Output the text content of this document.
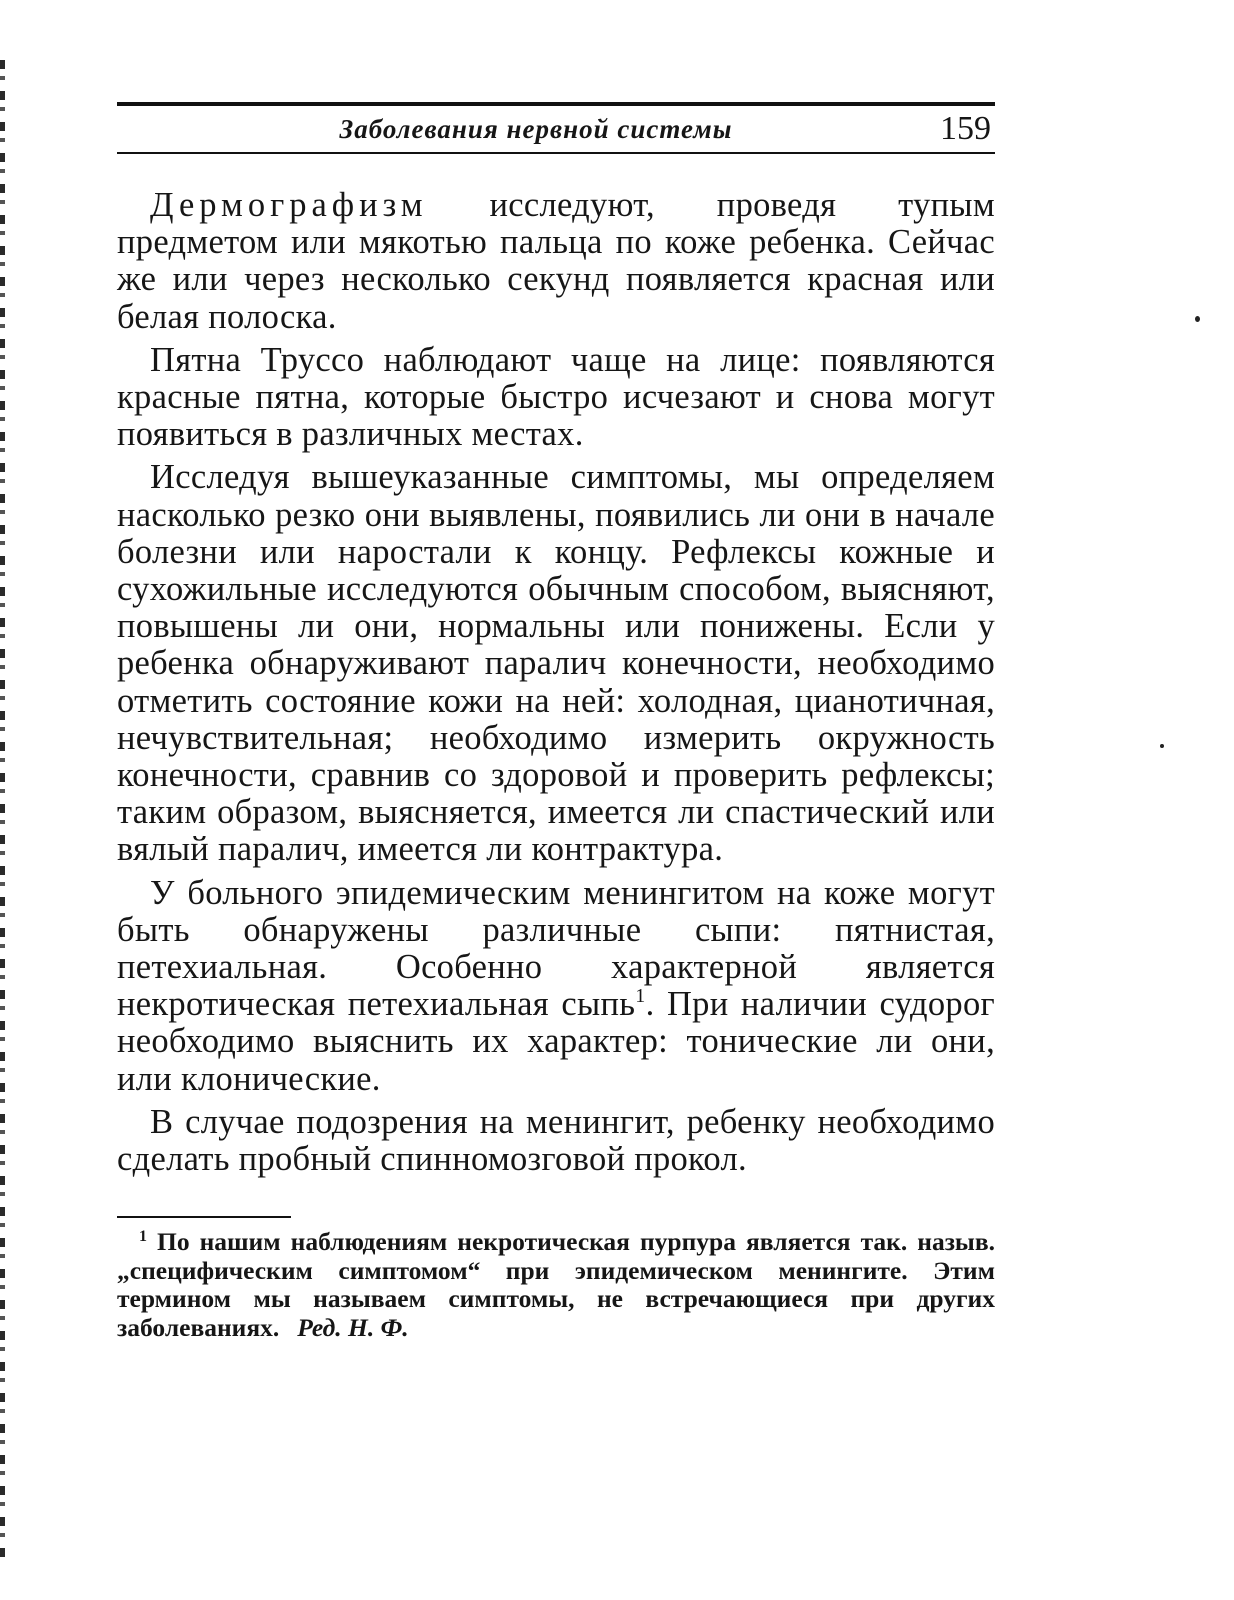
Заболевания нервной системы	159

Дермографизм исследуют, проведя тупым предметом или мякотью пальца по коже ребенка. Сейчас же или через несколько секунд появляется красная или белая полоска.

Пятна Труссо наблюдают чаще на лице: появляются красные пятна, которые быстро исчезают и снова могут появиться в различных местах.

Исследуя вышеуказанные симптомы, мы определяем насколько резко они выявлены, появились ли они в начале болезни или наростали к концу. Рефлексы кожные и сухожильные исследуются обычным способом, выясняют, повышены ли они, нормальны или понижены. Если у ребенка обнаруживают паралич конечности, необходимо отметить состояние кожи на ней: холодная, цианотичная, нечувствительная; необходимо измерить окружность конечности, сравнив со здоровой и проверить рефлексы; таким образом, выясняется, имеется ли спастический или вялый паралич, имеется ли контрактура.

У больного эпидемическим менингитом на коже могут быть обнаружены различные сыпи: пятнистая, петехиальная. Особенно характерной является некротическая петехиальная сыпь$^1$. При наличии судорог необходимо выяснить их характер: тонические ли они, или клонические.

В случае подозрения на менингит, ребенку необходимо сделать пробный спинномозговой прокол.

$^1$ По нашим наблюдениям некротическая пурпура является так. назыв. „специфическим симптомом“ при эпидемическом менингите. Этим термином мы называем симптомы, не встречающиеся при других заболеваниях. Ред. Н. Ф.
